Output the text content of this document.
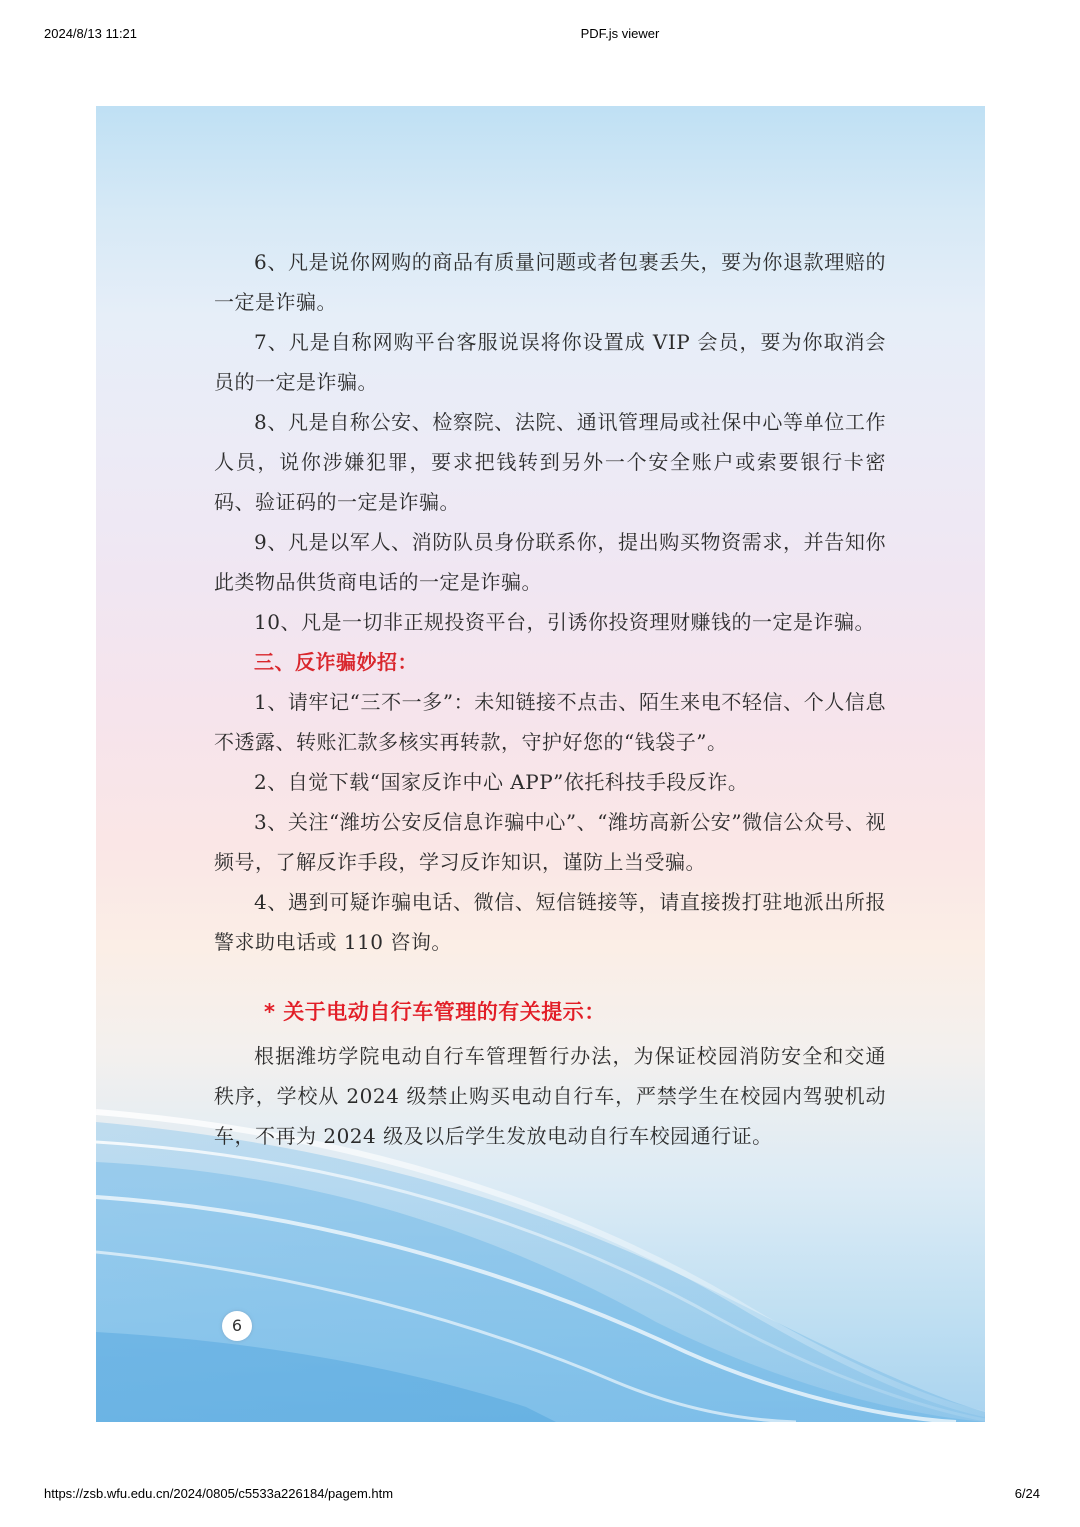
2024/8/13 11:21	PDF.js viewer

6、凡是说你网购的商品有质量问题或者包裹丢失，要为你退款理赔的一定是诈骗。

7、凡是自称网购平台客服说误将你设置成 VIP 会员，要为你取消会员的一定是诈骗。

8、凡是自称公安、检察院、法院、通讯管理局或社保中心等单位工作人员，说你涉嫌犯罪，要求把钱转到另外一个安全账户或索要银行卡密码、验证码的一定是诈骗。

9、凡是以军人、消防队员身份联系你，提出购买物资需求，并告知你此类物品供货商电话的一定是诈骗。

10、凡是一切非正规投资平台，引诱你投资理财赚钱的一定是诈骗。

三、反诈骗妙招：

1、请牢记“三不一多”：未知链接不点击、陌生来电不轻信、个人信息不透露、转账汇款多核实再转款，守护好您的“钱袋子”。

2、自觉下载“国家反诈中心 APP”依托科技手段反诈。

3、关注“潍坊公安反信息诈骗中心”、“潍坊高新公安”微信公众号、视频号，了解反诈手段，学习反诈知识，谨防上当受骗。

4、遇到可疑诈骗电话、微信、短信链接等，请直接拨打驻地派出所报警求助电话或 110 咨询。

* 关于电动自行车管理的有关提示：

根据潍坊学院电动自行车管理暂行办法，为保证校园消防安全和交通秩序，学校从 2024 级禁止购买电动自行车，严禁学生在校园内驾驶机动车，不再为 2024 级及以后学生发放电动自行车校园通行证。

6
https://zsb.wfu.edu.cn/2024/0805/c5533a226184/pagem.htm	6/24
